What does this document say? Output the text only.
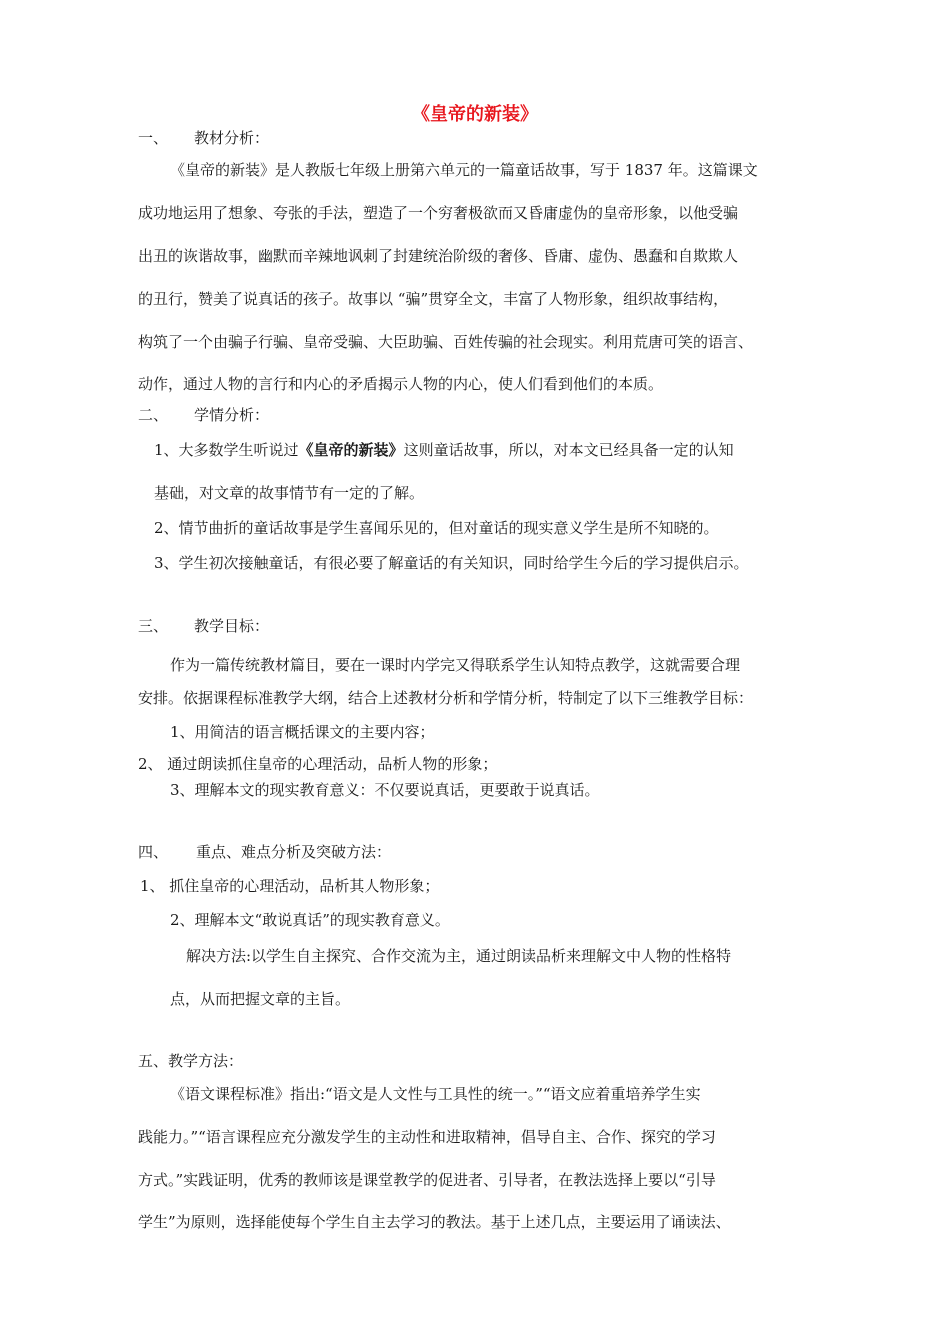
《皇帝的新装》
一、 教材分析：
《皇帝的新装》是人教版七年级上册第六单元的一篇童话故事，写于 1837 年。这篇课文
成功地运用了想象、夸张的手法，塑造了一个穷奢极欲而又昏庸虚伪的皇帝形象，以他受骗
出丑的诙谐故事，幽默而辛辣地讽刺了封建统治阶级的奢侈、昏庸、虚伪、愚蠢和自欺欺人
的丑行，赞美了说真话的孩子。故事以 “骗”贯穿全文，丰富了人物形象，组织故事结构，
构筑了一个由骗子行骗、皇帝受骗、大臣助骗、百姓传骗的社会现实。利用荒唐可笑的语言、
动作，通过人物的言行和内心的矛盾揭示人物的内心，使人们看到他们的本质。
二、 学情分析：
1、大多数学生听说过《皇帝的新装》这则童话故事，所以，对本文已经具备一定的认知
基础，对文章的故事情节有一定的了解。
2、情节曲折的童话故事是学生喜闻乐见的，但对童话的现实意义学生是所不知晓的。
3、学生初次接触童话，有很必要了解童话的有关知识，同时给学生今后的学习提供启示。
三、 教学目标：
作为一篇传统教材篇目，要在一课时内学完又得联系学生认知特点教学，这就需要合理
安排。依据课程标准教学大纲，结合上述教材分析和学情分析，特制定了以下三维教学目标：
1、用简洁的语言概括课文的主要内容；
2、 通过朗读抓住皇帝的心理活动，品析人物的形象；
3、理解本文的现实教育意义：不仅要说真话，更要敢于说真话。
四、 重点、难点分析及突破方法：
1、 抓住皇帝的心理活动，品析其人物形象；
2、理解本文“敢说真话”的现实教育意义。
解决方法:以学生自主探究、合作交流为主，通过朗读品析来理解文中人物的性格特
点，从而把握文章的主旨。
五、教学方法：
《语文课程标准》指出:“语文是人文性与工具性的统一。”“语文应着重培养学生实
践能力。”“语言课程应充分激发学生的主动性和进取精神，倡导自主、合作、探究的学习
方式。”实践证明，优秀的教师该是课堂教学的促进者、引导者，在教法选择上要以“引导
学生”为原则，选择能使每个学生自主去学习的教法。基于上述几点，主要运用了诵读法、
